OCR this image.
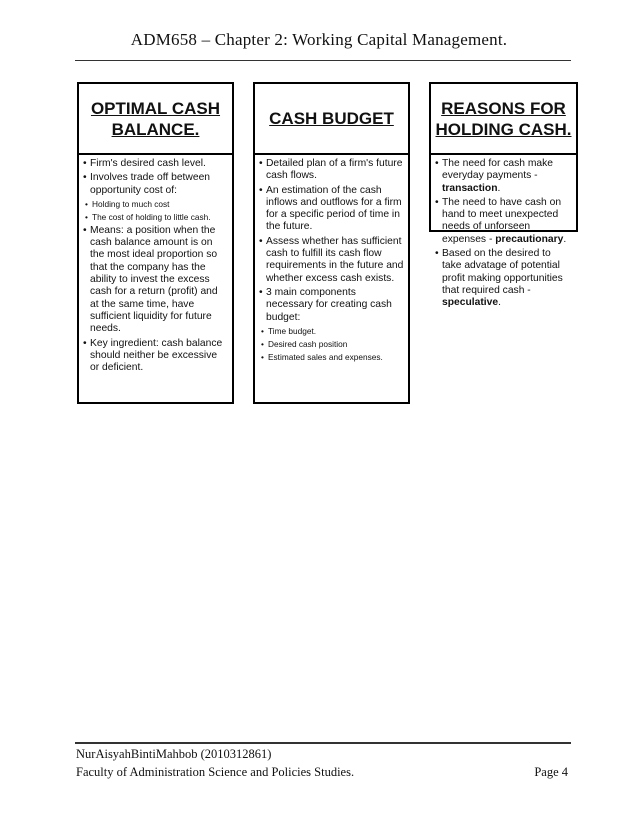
ADM658 – Chapter 2: Working Capital Management.
OPTIMAL CASH
BALANCE.
• Firm's desired cash level.
• Involves trade off between opportunity cost of:
• Holding to much cost
• The cost of holding to little cash.
• Means: a position when the cash balance amount is on the most ideal proportion so that the company has the ability to invest the excess cash for a return (profit) and at the same time, have sufficient liquidity for future needs.
• Key ingredient: cash balance should neither be excessive or deficient.
CASH BUDGET
• Detailed plan of a firm's future cash flows.
• An estimation of the cash inflows and outflows for a firm for a specific period of time in the future.
• Assess whether has sufficient cash to fulfill its cash flow requirements in the future and whether excess cash exists.
• 3 main components necessary for creating cash budget:
• Time budget.
• Desired cash position
• Estimated sales and expenses.
REASONS FOR
HOLDING CASH.
• The need for cash make everyday payments - transaction.
• The need to have cash on hand to meet unexpected needs of unforseen expenses - precautionary.
• Based on the desired to take advatage of potential profit making opportunities that required cash - speculative.
NurAisyahBintiMahbob (2010312861)
Faculty of Administration Science and Policies Studies.	Page 4
